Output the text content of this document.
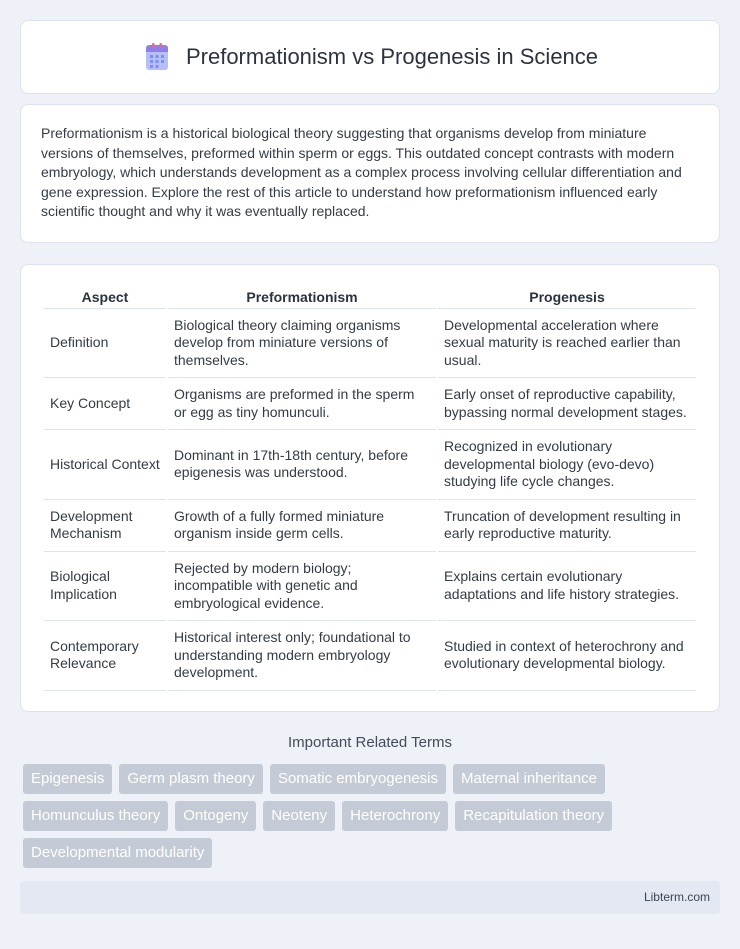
Preformationism vs Progenesis in Science

Preformationism is a historical biological theory suggesting that organisms develop from miniature versions of themselves, preformed within sperm or eggs. This outdated concept contrasts with modern embryology, which understands development as a complex process involving cellular differentiation and gene expression. Explore the rest of this article to understand how preformationism influenced early scientific thought and why it was eventually replaced.

Aspect	Preformationism	Progenesis
Definition	Biological theory claiming organisms develop from miniature versions of themselves.	Developmental acceleration where sexual maturity is reached earlier than usual.
Key Concept	Organisms are preformed in the sperm or egg as tiny homunculi.	Early onset of reproductive capability, bypassing normal development stages.
Historical Context	Dominant in 17th-18th century, before epigenesis was understood.	Recognized in evolutionary developmental biology (evo-devo) studying life cycle changes.
Development Mechanism	Growth of a fully formed miniature organism inside germ cells.	Truncation of development resulting in early reproductive maturity.
Biological Implication	Rejected by modern biology; incompatible with genetic and embryological evidence.	Explains certain evolutionary adaptations and life history strategies.
Contemporary Relevance	Historical interest only; foundational to understanding modern embryology development.	Studied in context of heterochrony and evolutionary developmental biology.
Important Related Terms
Epigenesis	Germ plasm theory	Somatic embryogenesis	Maternal inheritance
Homunculus theory	Ontogeny	Neoteny	Heterochrony	Recapitulation theory
Developmental modularity
Libterm.com
